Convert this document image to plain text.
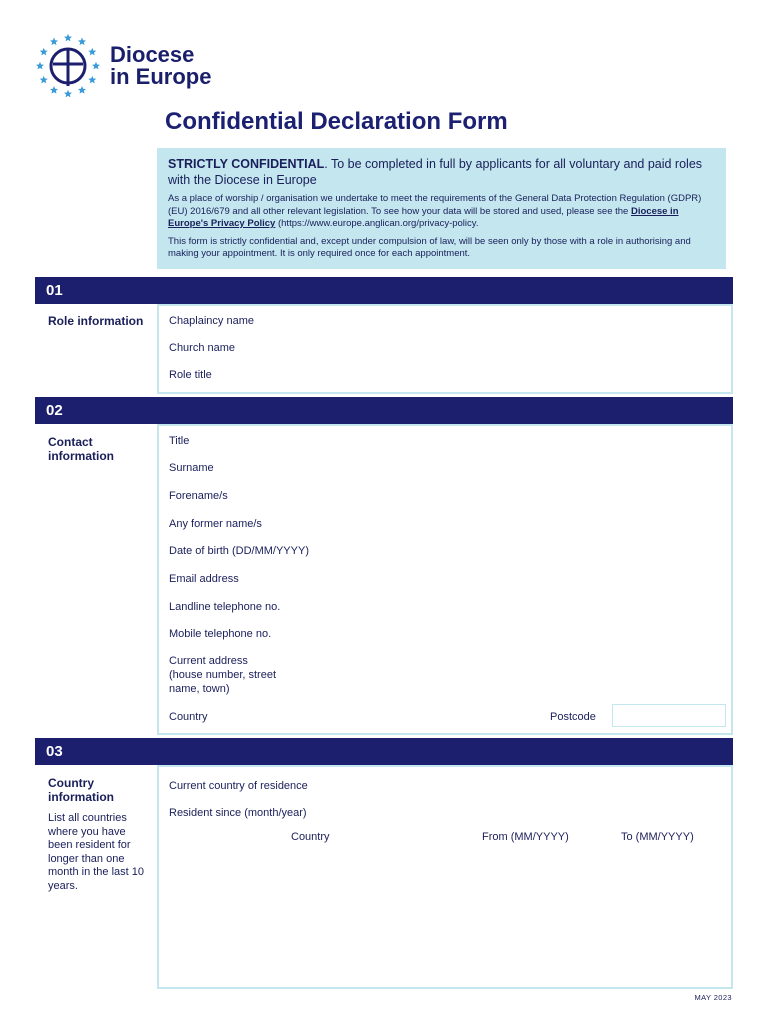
Diocese
in Europe
Confidential Declaration Form
STRICTLY CONFIDENTIAL. To be completed in full by applicants for all voluntary and paid roles with the Diocese in Europe
As a place of worship / organisation we undertake to meet the requirements of the General Data Protection Regulation (GDPR) (EU) 2016/679 and all other relevant legislation. To see how your data will be stored and used, please see the Diocese in Europe's Privacy Policy (https://www.europe.anglican.org/privacy-policy.
This form is strictly confidential and, except under compulsion of law, will be seen only by those with a role in authorising and making your appointment. It is only required once for each appointment.
01
Role information	Chaplaincy name
Church name
Role title
02
Contact information
Title
Surname
Forename/s
Any former name/s
Date of birth (DD/MM/YYYY)
Email address
Landline telephone no.
Mobile telephone no.
Current address
(house number, street
name, town)
Country	Postcode
03
Country information
List all countries where you have been resident for longer than one month in the last 10 years.
Current country of residence
Resident since (month/year)
Country	From (MM/YYYY)	To (MM/YYYY)
MAY 2023
